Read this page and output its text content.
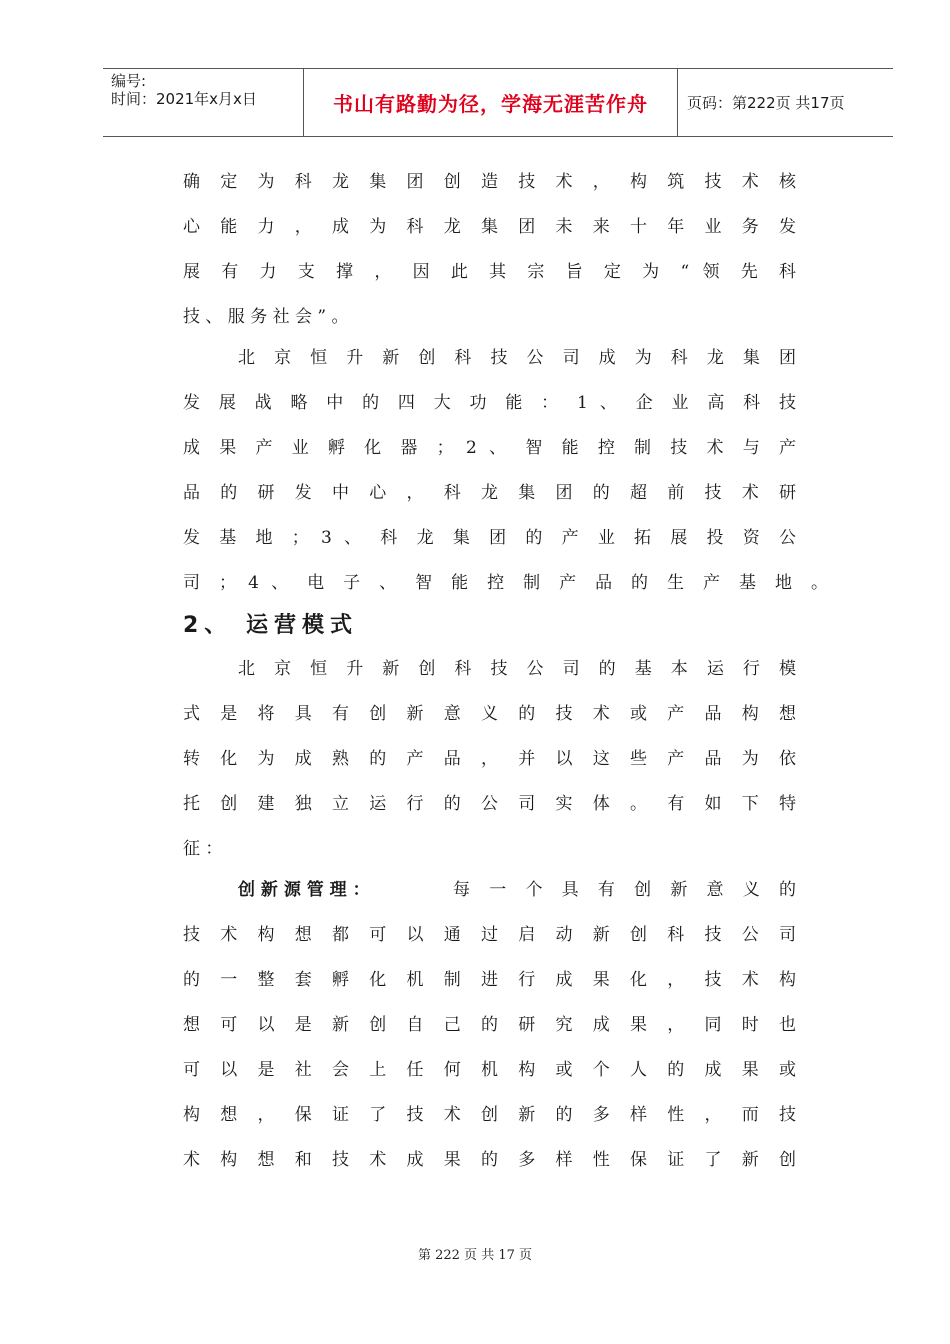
编号:
时间：2021年x月x日	书山有路勤为径，学海无涯苦作舟	页码：第222页 共17页
确 定 为 科 龙 集 团 创 造 技 术 ， 构 筑 技 术 核
心 能 力 ， 成 为 科 龙 集 团 未 来 十 年 业 务 发
展 有 力 支 撑 ， 因 此 其 宗 旨 定 为 “ 领 先 科
技 、 服 务 社 会 ” 。
北 京 恒 升 新 创 科 技 公 司 成 为 科 龙 集 团
发 展 战 略 中 的 四 大 功 能 ： 1 、 企 业 高 科 技
成 果 产 业 孵 化 器 ； 2 、 智 能 控 制 技 术 与 产
品 的 研 发 中 心 ， 科 龙 集 团 的 超 前 技 术 研
发 基 地 ； 3 、 科 龙 集 团 的 产 业 拓 展 投 资 公
司 ； 4 、 电 子 、 智 能 控 制 产 品 的 生 产 基 地 。
2、 运营模式
北 京 恒 升 新 创 科 技 公 司 的 基 本 运 行 模
式 是 将 具 有 创 新 意 义 的 技 术 或 产 品 构 想
转 化 为 成 熟 的 产 品 ， 并 以 这 些 产 品 为 依
托 创 建 独 立 运 行 的 公 司 实 体 。 有 如 下 特
征 ：
创 新 源 管 理 ：	每 一 个 具 有 创 新 意 义 的
技 术 构 想 都 可 以 通 过 启 动 新 创 科 技 公 司
的 一 整 套 孵 化 机 制 进 行 成 果 化 ， 技 术 构
想 可 以 是 新 创 自 己 的 研 究 成 果 ， 同 时 也
可 以 是 社 会 上 任 何 机 构 或 个 人 的 成 果 或
构 想 ， 保 证 了 技 术 创 新 的 多 样 性 ， 而 技
术 构 想 和 技 术 成 果 的 多 样 性 保 证 了 新 创
第 222 页 共 17 页
